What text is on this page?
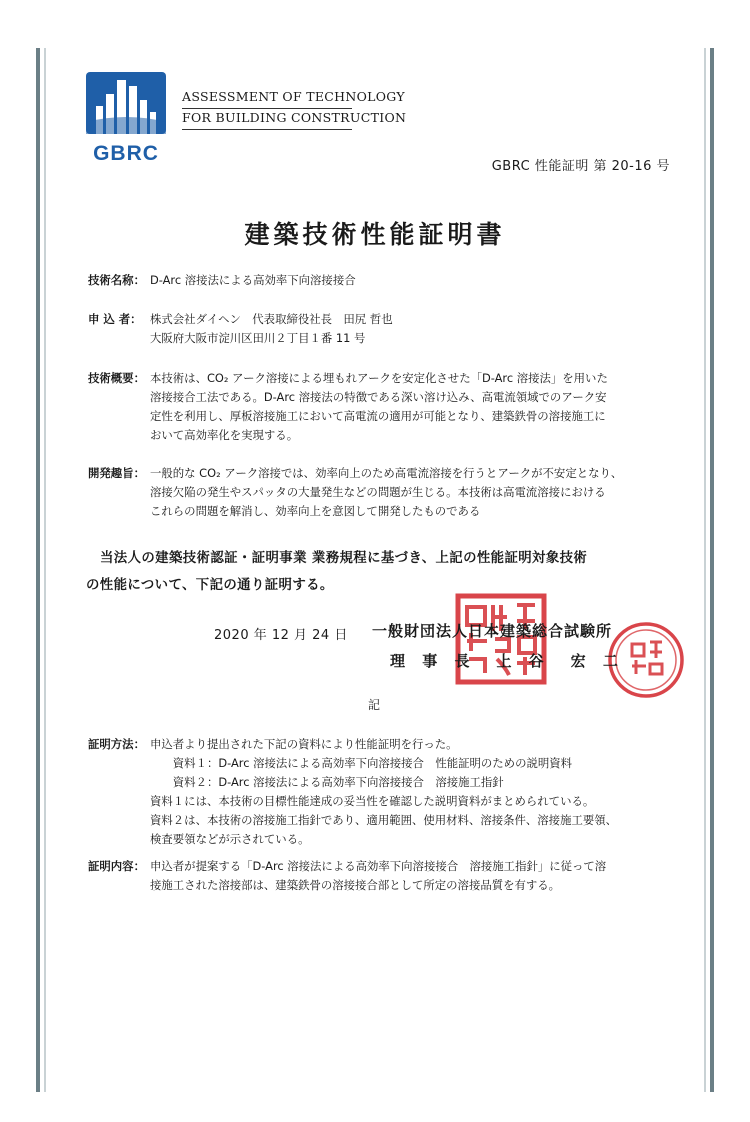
GBRC
ASSESSMENT OF TECHNOLOGY
FOR BUILDING CONSTRUCTION
GBRC 性能証明 第 20-16 号
建築技術性能証明書
技術名称： D-Arc 溶接法による高効率下向溶接接合
申 込 者： 株式会社ダイヘン　代表取締役社長　田尻 哲也
大阪府大阪市淀川区田川２丁目１番 11 号
技術概要： 本技術は、CO₂ アーク溶接による埋もれアークを安定化させた「D-Arc 溶接法」を用いた
溶接接合工法である。D-Arc 溶接法の特徴である深い溶け込み、高電流領域でのアーク安
定性を利用し、厚板溶接施工において高電流の適用が可能となり、建築鉄骨の溶接施工に
おいて高効率化を実現する。
開発趣旨： 一般的な CO₂ アーク溶接では、効率向上のため高電流溶接を行うとアークが不安定となり、
溶接欠陥の発生やスパッタの大量発生などの問題が生じる。本技術は高電流溶接における
これらの問題を解消し、効率向上を意図して開発したものである
当法人の建築技術認証・証明事業 業務規程に基づき、上記の性能証明対象技術
の性能について、下記の通り証明する。
2020 年 12 月 24 日 一般財団法人日本建築総合試験所
理 事 長　上 谷　宏 二
記
証明方法： 申込者より提出された下記の資料により性能証明を行った。
　　資料１：D-Arc 溶接法による高効率下向溶接接合　性能証明のための説明資料
　　資料２：D-Arc 溶接法による高効率下向溶接接合　溶接施工指針
資料１には、本技術の目標性能達成の妥当性を確認した説明資料がまとめられている。
資料２は、本技術の溶接施工指針であり、適用範囲、使用材料、溶接条件、溶接施工要領、
検査要領などが示されている。
証明内容： 申込者が提案する「D-Arc 溶接法による高効率下向溶接接合　溶接施工指針」に従って溶
接施工された溶接部は、建築鉄骨の溶接接合部として所定の溶接品質を有する。
